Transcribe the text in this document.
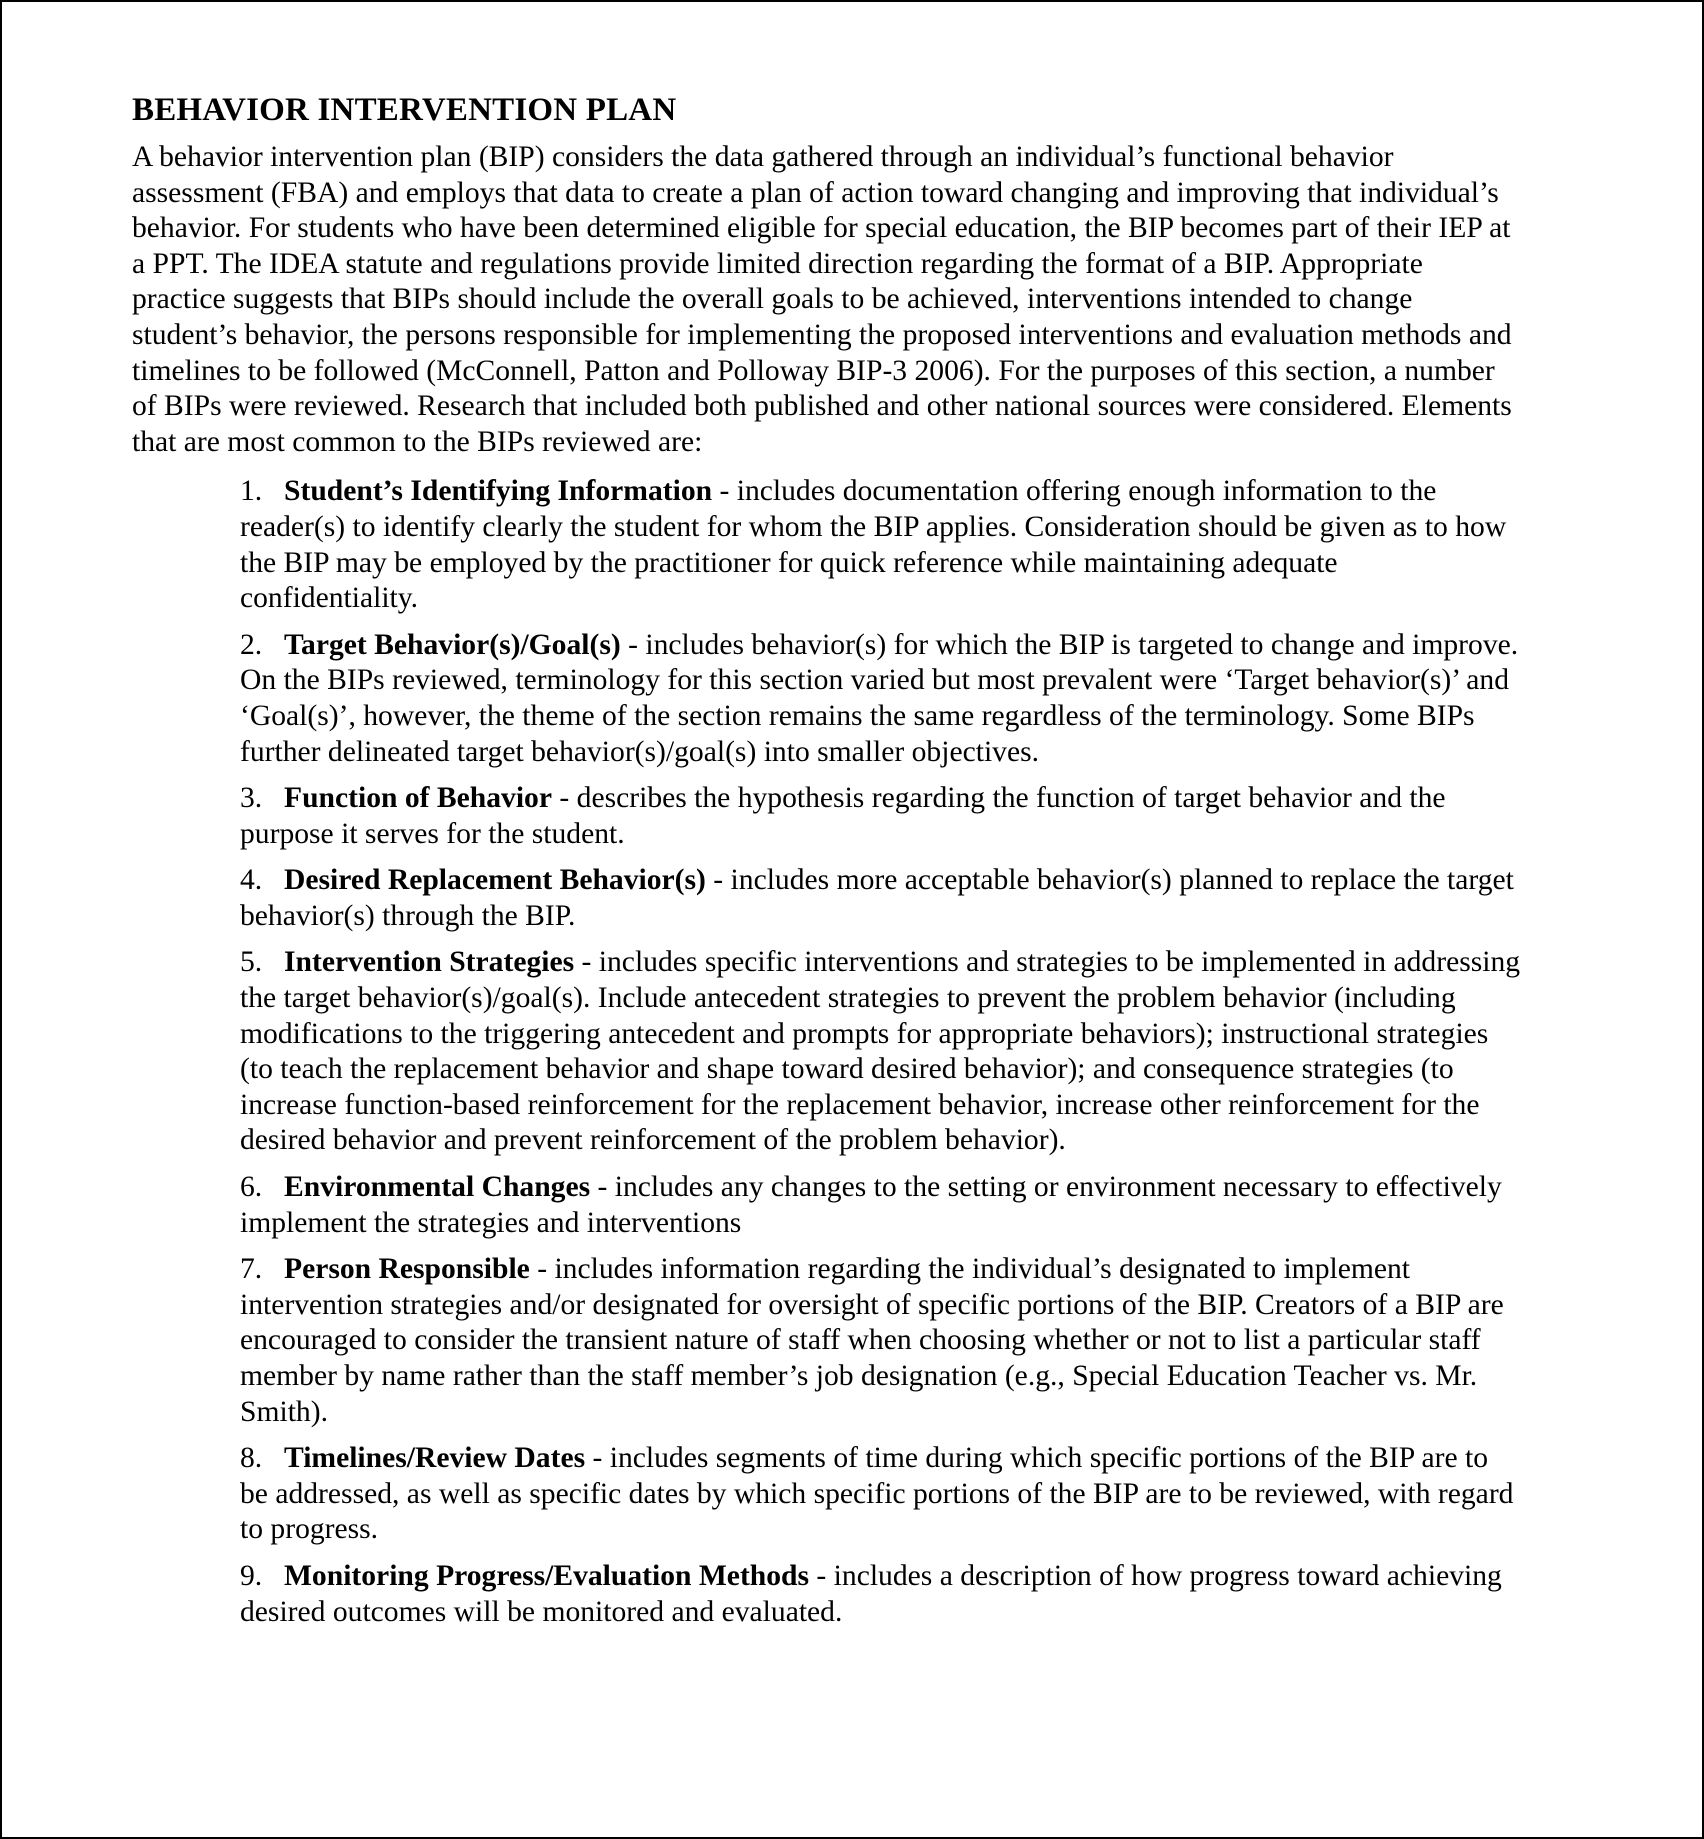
BEHAVIOR INTERVENTION PLAN
A behavior intervention plan (BIP) considers the data gathered through an individual’s functional behavior assessment (FBA) and employs that data to create a plan of action toward changing and improving that individual’s behavior. For students who have been determined eligible for special education, the BIP becomes part of their IEP at a PPT. The IDEA statute and regulations provide limited direction regarding the format of a BIP. Appropriate practice suggests that BIPs should include the overall goals to be achieved, interventions intended to change student’s behavior, the persons responsible for implementing the proposed interventions and evaluation methods and timelines to be followed (McConnell, Patton and Polloway BIP-3 2006). For the purposes of this section, a number of BIPs were reviewed. Research that included both published and other national sources were considered. Elements that are most common to the BIPs reviewed are:
1. Student’s Identifying Information - includes documentation offering enough information to the reader(s) to identify clearly the student for whom the BIP applies. Consideration should be given as to how the BIP may be employed by the practitioner for quick reference while maintaining adequate confidentiality.
2. Target Behavior(s)/Goal(s) - includes behavior(s) for which the BIP is targeted to change and improve. On the BIPs reviewed, terminology for this section varied but most prevalent were ‘Target behavior(s)’ and ‘Goal(s)’, however, the theme of the section remains the same regardless of the terminology. Some BIPs further delineated target behavior(s)/goal(s) into smaller objectives.
3. Function of Behavior - describes the hypothesis regarding the function of target behavior and the purpose it serves for the student.
4. Desired Replacement Behavior(s) - includes more acceptable behavior(s) planned to replace the target behavior(s) through the BIP.
5. Intervention Strategies - includes specific interventions and strategies to be implemented in addressing the target behavior(s)/goal(s). Include antecedent strategies to prevent the problem behavior (including modifications to the triggering antecedent and prompts for appropriate behaviors); instructional strategies (to teach the replacement behavior and shape toward desired behavior); and consequence strategies (to increase function-based reinforcement for the replacement behavior, increase other reinforcement for the desired behavior and prevent reinforcement of the problem behavior).
6. Environmental Changes - includes any changes to the setting or environment necessary to effectively implement the strategies and interventions
7. Person Responsible - includes information regarding the individual’s designated to implement intervention strategies and/or designated for oversight of specific portions of the BIP. Creators of a BIP are encouraged to consider the transient nature of staff when choosing whether or not to list a particular staff member by name rather than the staff member’s job designation (e.g., Special Education Teacher vs. Mr. Smith).
8. Timelines/Review Dates - includes segments of time during which specific portions of the BIP are to be addressed, as well as specific dates by which specific portions of the BIP are to be reviewed, with regard to progress.
9. Monitoring Progress/Evaluation Methods - includes a description of how progress toward achieving desired outcomes will be monitored and evaluated.
